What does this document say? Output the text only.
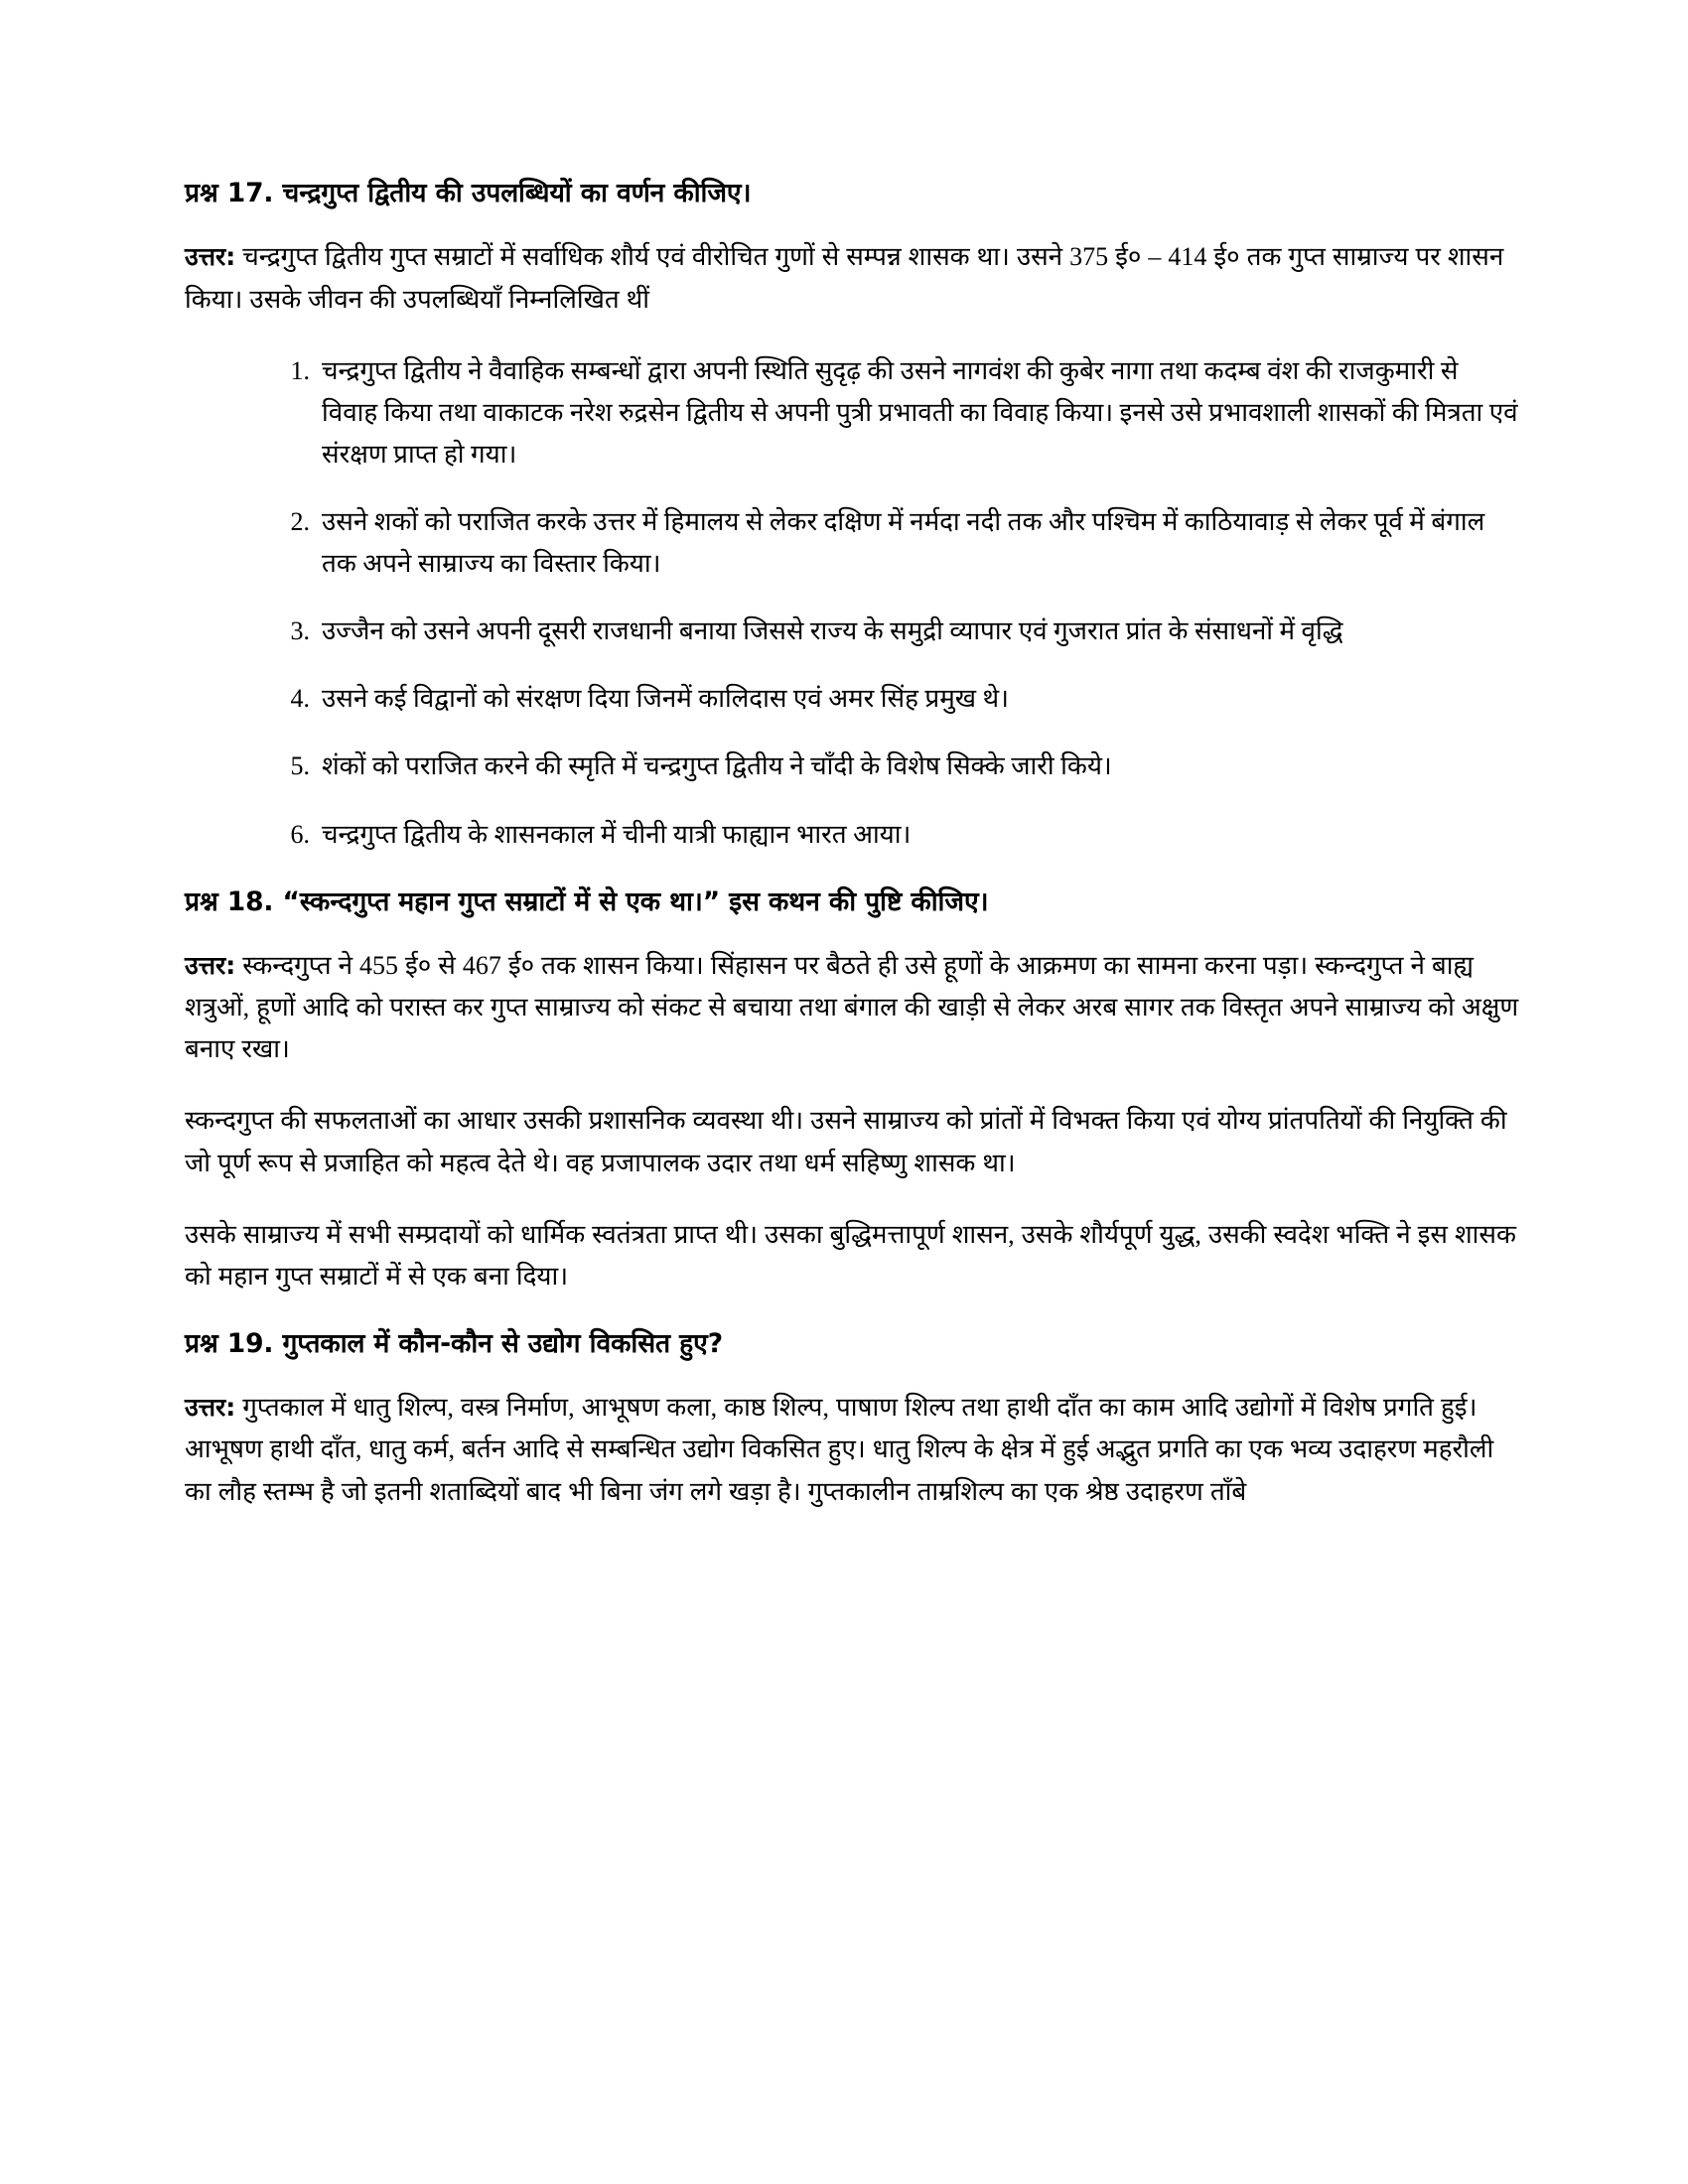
प्रश्न 17. चन्द्रगुप्त द्वितीय की उपलब्धियों का वर्णन कीजिए।

उत्तर: चन्द्रगुप्त द्वितीय गुप्त सम्राटों में सर्वाधिक शौर्य एवं वीरोचित गुणों से सम्पन्न शासक था। उसने 375 ई० – 414 ई० तक गुप्त साम्राज्य पर शासन किया। उसके जीवन की उपलब्धियाँ निम्नलिखित थीं

चन्द्रगुप्त द्वितीय ने वैवाहिक सम्बन्धों द्वारा अपनी स्थिति सुदृढ़ की उसने नागवंश की कुबेर नागा तथा कदम्ब वंश की राजकुमारी से विवाह किया तथा वाकाटक नरेश रुद्रसेन द्वितीय से अपनी पुत्री प्रभावती का विवाह किया। इनसे उसे प्रभावशाली शासकों की मित्रता एवं संरक्षण प्राप्त हो गया।
उसने शकों को पराजित करके उत्तर में हिमालय से लेकर दक्षिण में नर्मदा नदी तक और पश्चिम में काठियावाड़ से लेकर पूर्व में बंगाल तक अपने साम्राज्य का विस्तार किया।
उज्जैन को उसने अपनी दूसरी राजधानी बनाया जिससे राज्य के समुद्री व्यापार एवं गुजरात प्रांत के संसाधनों में वृद्धि
उसने कई विद्वानों को संरक्षण दिया जिनमें कालिदास एवं अमर सिंह प्रमुख थे।
शंकों को पराजित करने की स्मृति में चन्द्रगुप्त द्वितीय ने चाँदी के विशेष सिक्के जारी किये।
चन्द्रगुप्त द्वितीय के शासनकाल में चीनी यात्री फाह्यान भारत आया।
प्रश्न 18. “स्कन्दगुप्त महान गुप्त सम्राटों में से एक था।” इस कथन की पुष्टि कीजिए।

उत्तर: स्कन्दगुप्त ने 455 ई० से 467 ई० तक शासन किया। सिंहासन पर बैठते ही उसे हूणों के आक्रमण का सामना करना पड़ा। स्कन्दगुप्त ने बाह्य शत्रुओं, हूणों आदि को परास्त कर गुप्त साम्राज्य को संकट से बचाया तथा बंगाल की खाड़ी से लेकर अरब सागर तक विस्तृत अपने साम्राज्य को अक्षुण बनाए रखा।

स्कन्दगुप्त की सफलताओं का आधार उसकी प्रशासनिक व्यवस्था थी। उसने साम्राज्य को प्रांतों में विभक्त किया एवं योग्य प्रांतपतियों की नियुक्ति की जो पूर्ण रूप से प्रजाहित को महत्व देते थे। वह प्रजापालक उदार तथा धर्म सहिष्णु शासक था।

उसके साम्राज्य में सभी सम्प्रदायों को धार्मिक स्वतंत्रता प्राप्त थी। उसका बुद्धिमत्तापूर्ण शासन, उसके शौर्यपूर्ण युद्ध, उसकी स्वदेश भक्ति ने इस शासक को महान गुप्त सम्राटों में से एक बना दिया।

प्रश्न 19. गुप्तकाल में कौन-कौन से उद्योग विकसित हुए?

उत्तर: गुप्तकाल में धातु शिल्प, वस्त्र निर्माण, आभूषण कला, काष्ठ शिल्प, पाषाण शिल्प तथा हाथी दाँत का काम आदि उद्योगों में विशेष प्रगति हुई। आभूषण हाथी दाँत, धातु कर्म, बर्तन आदि से सम्बन्धित उद्योग विकसित हुए। धातु शिल्प के क्षेत्र में हुई अद्भुत प्रगति का एक भव्य उदाहरण महरौली का लौह स्तम्भ है जो इतनी शताब्दियों बाद भी बिना जंग लगे खड़ा है। गुप्तकालीन ताम्रशिल्प का एक श्रेष्ठ उदाहरण ताँबे
